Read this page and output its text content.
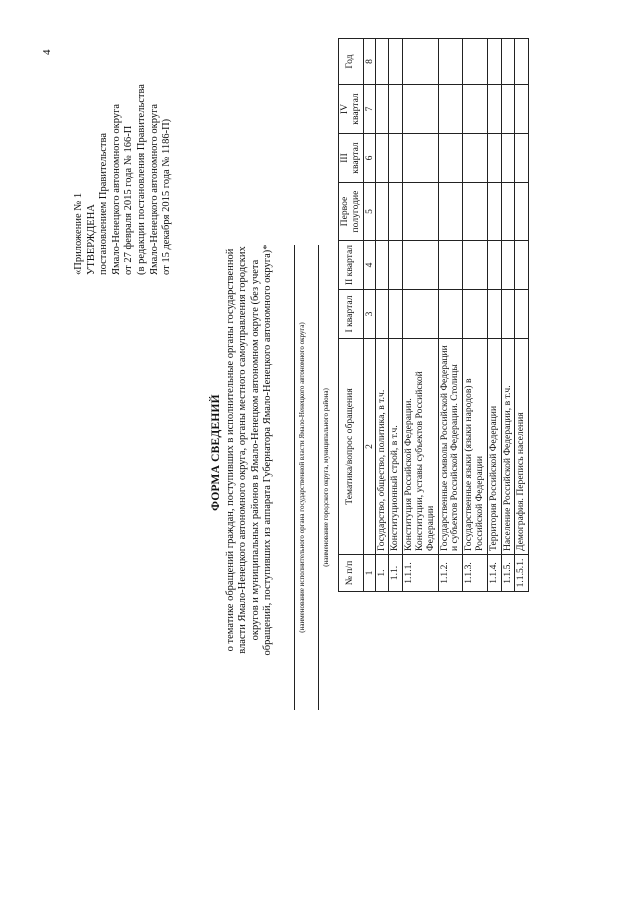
4
«Приложение № 1 УТВЕРЖДЕНА постановлением Правительства Ямало-Ненецкого автономного округа от 27 февраля 2015 года № 166-П (в редакции постановления Правительства Ямало-Ненецкого автономного округа от 15 декабря 2015 года № 1186-П)
ФОРМА СВЕДЕНИЙ о тематике обращений граждан, поступивших в исполнительные органы государственной власти Ямало-Ненецкого автономного округа, органы местного самоуправления городских округов и муниципальных районов в Ямало-Ненецком автономном округе (без учета обращений, поступивших из аппарата Губернатора Ямало-Ненецкого автономного округа)*	(наименование исполнительного органа государственной власти Ямало-Ненецкого автономного округа) (наименование городского округа, муниципального района)
№ п/п	Тематика/вопрос обращения	I квартал	II квартал	Первое полугодие	III квартал	IV квартал	Год
1	2	3	4	5	6	7	8
1.	Государство, общество, политика, в т.ч.						
1.1.	Конституционный строй, в т.ч.						
1.1.1.	Конституция Российской Федерации. Конституции, уставы субъектов Российской Федерации						
1.1.2.	Государственные символы Российской Федерации и субъектов Российской Федерации. Столицы						
1.1.3.	Государственные языки (языки народов) в Российской Федерации						
1.1.4.	Территория Российской Федерации						
1.1.5.	Население Российской Федерации, в т.ч.						
1.1.5.1.	Демография. Перепись населения						
